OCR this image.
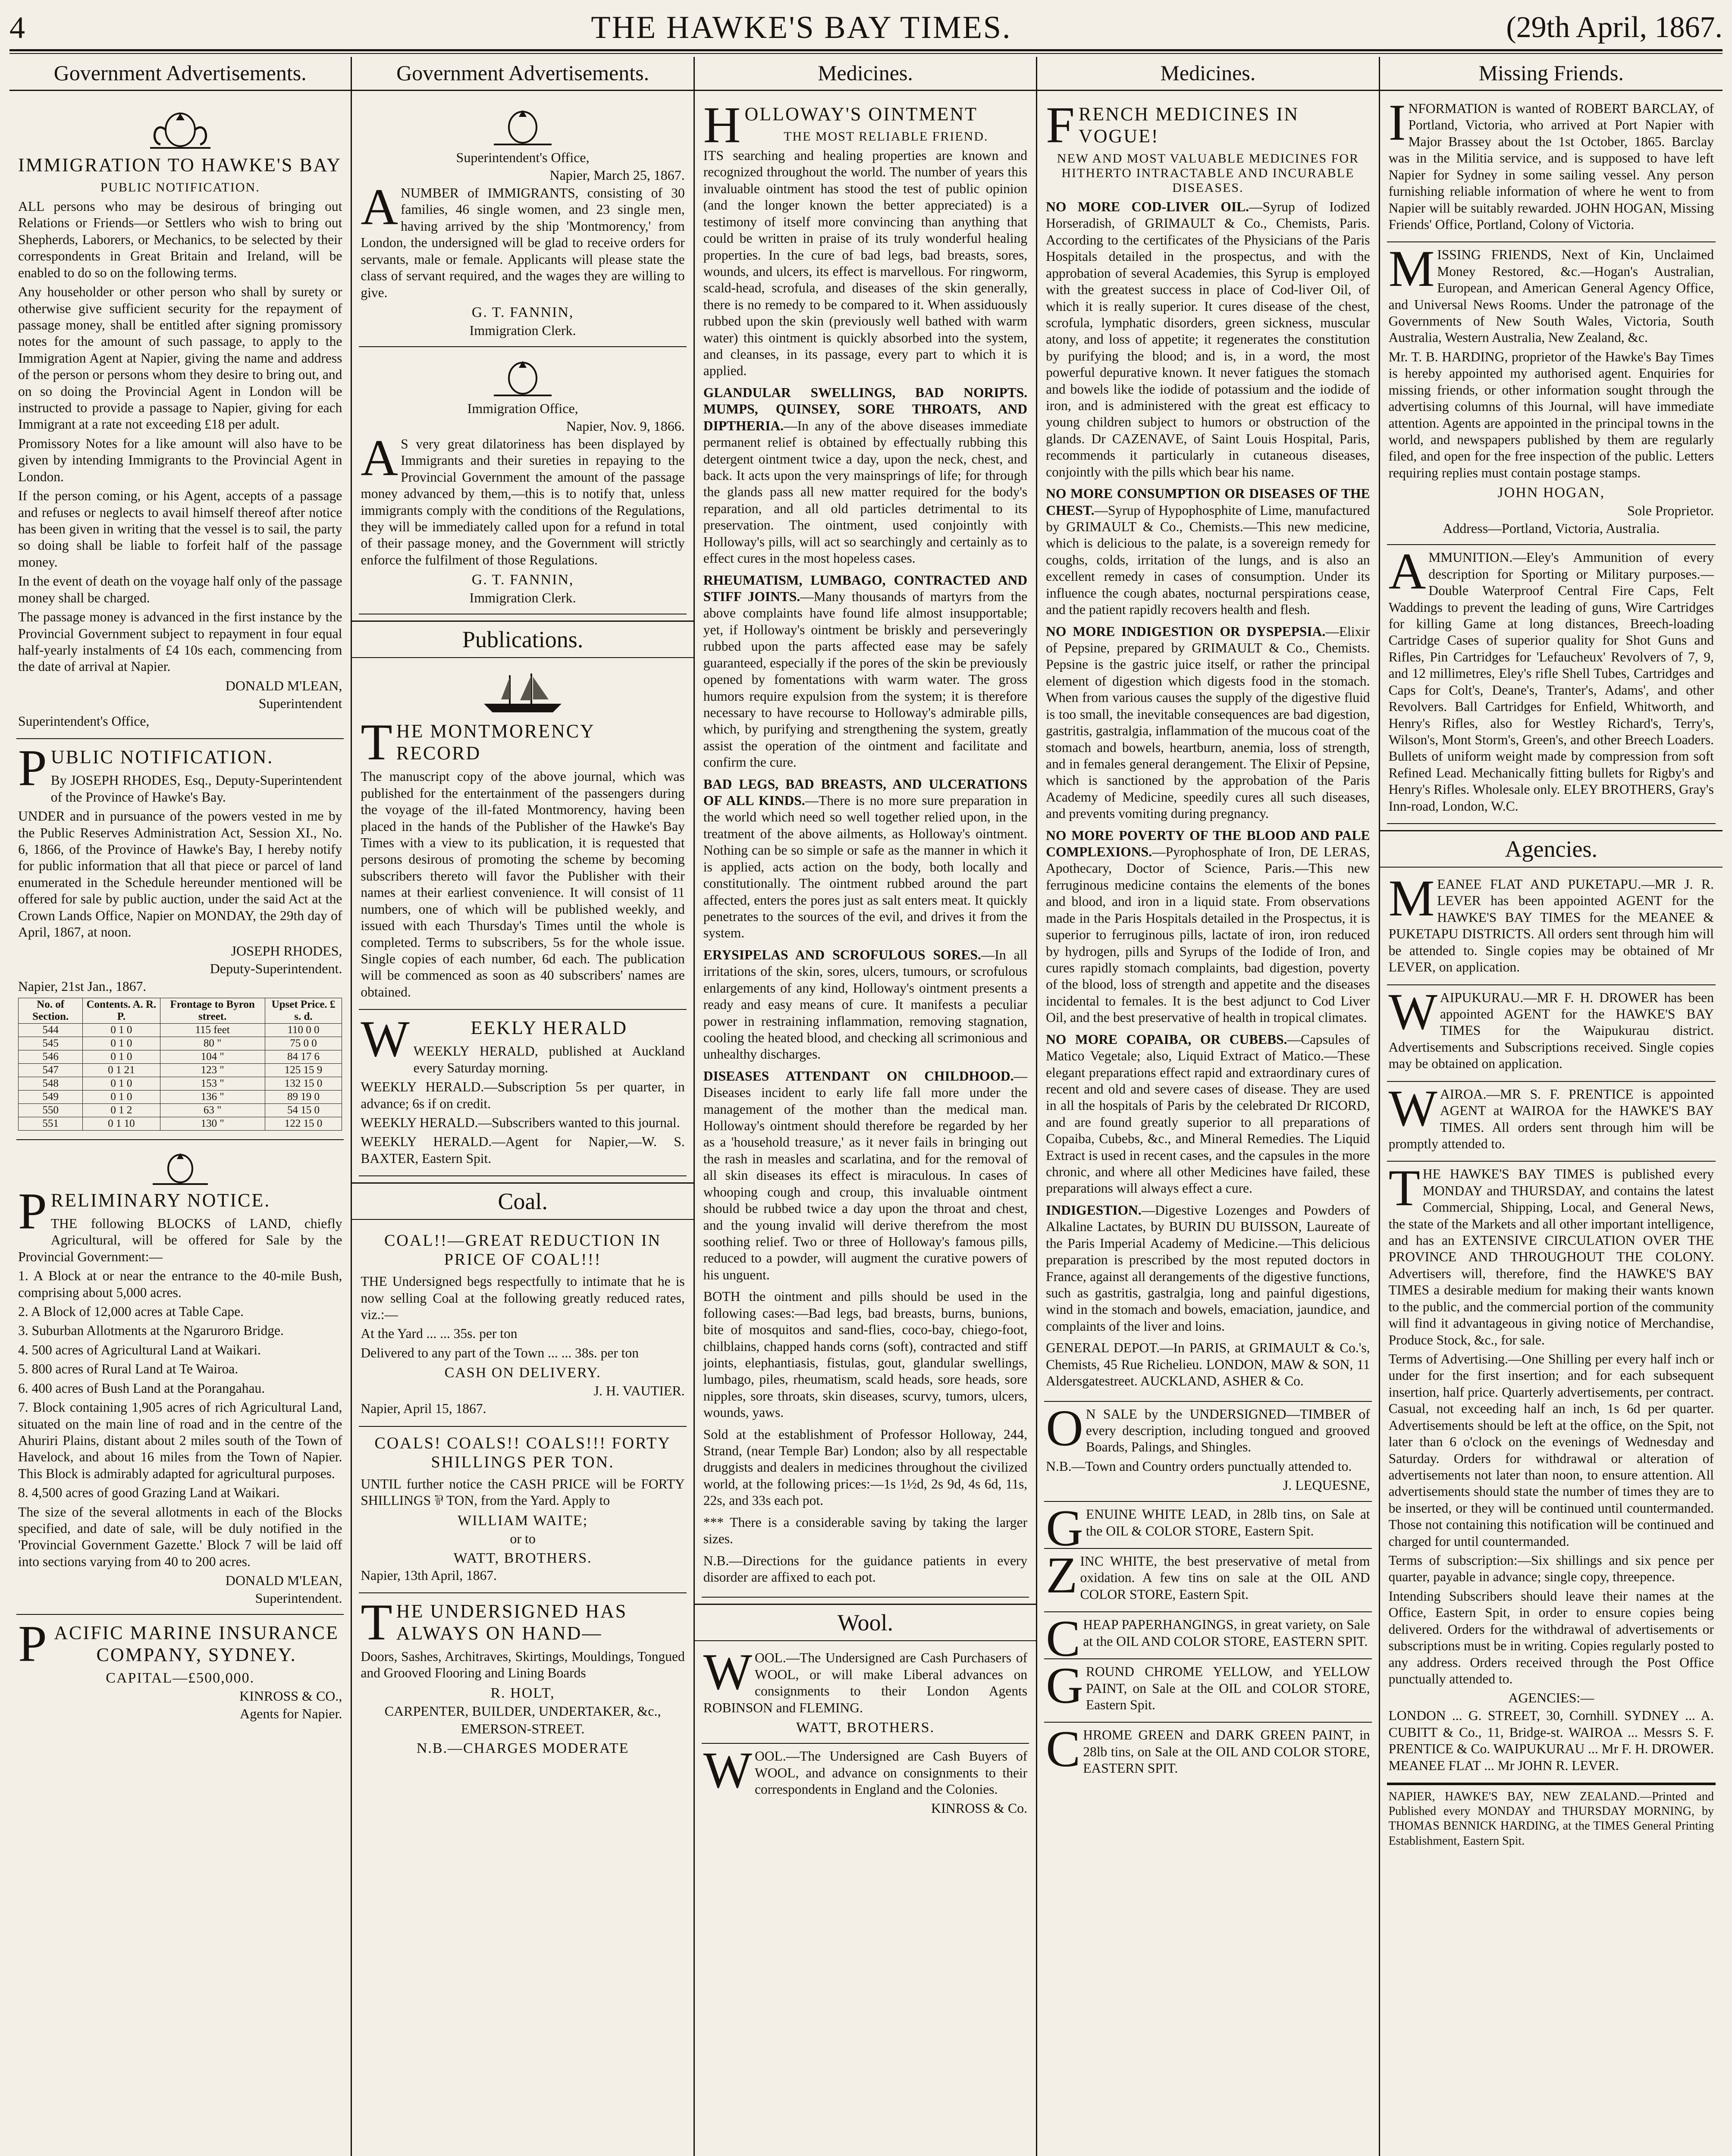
4	THE HAWKE'S BAY TIMES.	(29th April, 1867.
Government Advertisements.
IMMIGRATION TO HAWKE'S BAY
PUBLIC NOTIFICATION.

ALL persons who may be desirous of bringing out Relations or Friends—or Settlers who wish to bring out Shepherds, Laborers, or Mechanics, to be selected by their correspondents in Great Britain and Ireland, will be enabled to do so on the following terms.

Any householder or other person who shall by surety or otherwise give sufficient security for the repayment of passage money, shall be entitled after signing promissory notes for the amount of such passage, to apply to the Immigration Agent at Napier, giving the name and address of the person or persons whom they desire to bring out, and on so doing the Provincial Agent in London will be instructed to provide a passage to Napier, giving for each Immigrant at a rate not exceeding £18 per adult.

Promissory Notes for a like amount will also have to be given by intending Immigrants to the Provincial Agent in London.

If the person coming, or his Agent, accepts of a passage and refuses or neglects to avail himself thereof after notice has been given in writing that the vessel is to sail, the party so doing shall be liable to forfeit half of the passage money.

In the event of death on the voyage half only of the passage money shall be charged.

The passage money is advanced in the first instance by the Provincial Government subject to repayment in four equal half-yearly instalments of £4 10s each, commencing from the date of arrival at Napier.

DONALD M'LEAN,
Superintendent
Superintendent's Office,
PUBLIC NOTIFICATION.

By JOSEPH RHODES, Esq., Deputy-Superintendent of the Province of Hawke's Bay.

UNDER and in pursuance of the powers vested in me by the Public Reserves Administration Act, Session XI., No. 6, 1866, of the Province of Hawke's Bay, I hereby notify for public information that all that piece or parcel of land enumerated in the Schedule hereunder mentioned will be offered for sale by public auction, under the said Act at the Crown Lands Office, Napier on MONDAY, the 29th day of April, 1867, at noon.

JOSEPH RHODES,
Deputy-Superintendent.
Napier, 21st Jan., 1867.
No. of Section.	Contents. A. R. P.	Frontage to Byron street.	Upset Price. £ s. d.
544	0 1 0	115 feet	110 0 0
545	0 1 0	80 "	75 0 0
546	0 1 0	104 "	84 17 6
547	0 1 21	123 "	125 15 9
548	0 1 0	153 "	132 15 0
549	0 1 0	136 "	89 19 0
550	0 1 2	63 "	54 15 0
551	0 1 10	130 "	122 15 0
PRELIMINARY NOTICE.

THE following BLOCKS of LAND, chiefly Agricultural, will be offered for Sale by the Provincial Government:—

1. A Block at or near the entrance to the 40-mile Bush, comprising about 5,000 acres.

2. A Block of 12,000 acres at Table Cape.

3. Suburban Allotments at the Ngaruroro Bridge.

4. 500 acres of Agricultural Land at Waikari.

5. 800 acres of Rural Land at Te Wairoa.

6. 400 acres of Bush Land at the Porangahau.

7. Block containing 1,905 acres of rich Agricultural Land, situated on the main line of road and in the centre of the Ahuriri Plains, distant about 2 miles south of the Town of Havelock, and about 16 miles from the Town of Napier. This Block is admirably adapted for agricultural purposes.

8. 4,500 acres of good Grazing Land at Waikari.

The size of the several allotments in each of the Blocks specified, and date of sale, will be duly notified in the 'Provincial Government Gazette.' Block 7 will be laid off into sections varying from 40 to 200 acres.

DONALD M'LEAN,
Superintendent.
PACIFIC MARINE INSURANCE COMPANY, SYDNEY.
CAPITAL—£500,000.
KINROSS & CO.,
Agents for Napier.
Government Advertisements.
Superintendent's Office,
Napier, March 25, 1867.

ANUMBER of IMMIGRANTS, consisting of 30 families, 46 single women, and 23 single men, having arrived by the ship 'Montmorency,' from London, the undersigned will be glad to receive orders for servants, male or female. Applicants will please state the class of servant required, and the wages they are willing to give.

G. T. FANNIN,
Immigration Clerk.
Immigration Office,
Napier, Nov. 9, 1866.

AS very great dilatoriness has been displayed by Immigrants and their sureties in repaying to the Provincial Government the amount of the passage money advanced by them,—this is to notify that, unless immigrants comply with the conditions of the Regulations, they will be immediately called upon for a refund in total of their passage money, and the Government will strictly enforce the fulfilment of those Regulations.

G. T. FANNIN,
Immigration Clerk.
Publications.
THE MONTMORENCY RECORD

The manuscript copy of the above journal, which was published for the entertainment of the passengers during the voyage of the ill-fated Montmorency, having been placed in the hands of the Publisher of the Hawke's Bay Times with a view to its publication, it is requested that persons desirous of promoting the scheme by becoming subscribers thereto will favor the Publisher with their names at their earliest convenience. It will consist of 11 numbers, one of which will be published weekly, and issued with each Thursday's Times until the whole is completed. Terms to subscribers, 5s for the whole issue. Single copies of each number, 6d each. The publication will be commenced as soon as 40 subscribers' names are obtained.

WEEKLY HERALD

WEEKLY HERALD, published at Auckland every Saturday morning.

WEEKLY HERALD.—Subscription 5s per quarter, in advance; 6s if on credit.

WEEKLY HERALD.—Subscribers wanted to this journal.

WEEKLY HERALD.—Agent for Napier,—W. S. BAXTER, Eastern Spit.

Coal.
COAL!!—GREAT REDUCTION IN PRICE OF COAL!!!

THE Undersigned begs respectfully to intimate that he is now selling Coal at the following greatly reduced rates, viz.:—

At the Yard ... ... 35s. per ton
Delivered to any part of the Town ... ... 38s. per ton
CASH ON DELIVERY.
J. H. VAUTIER.
Napier, April 15, 1867.
COALS! COALS!! COALS!!! FORTY SHILLINGS PER TON.

UNTIL further notice the CASH PRICE will be FORTY SHILLINGS ⅌ TON, from the Yard. Apply to

WILLIAM WAITE;
or to
WATT, BROTHERS.
Napier, 13th April, 1867.
THE UNDERSIGNED HAS ALWAYS ON HAND—

Doors, Sashes, Architraves, Skirtings, Mouldings, Tongued and Grooved Flooring and Lining Boards

R. HOLT,
CARPENTER, BUILDER, UNDERTAKER, &c.,
EMERSON-STREET.
N.B.—CHARGES MODERATE
Medicines.
HOLLOWAY'S OINTMENT
THE MOST RELIABLE FRIEND.

ITS searching and healing properties are known and recognized throughout the world. The number of years this invaluable ointment has stood the test of public opinion (and the longer known the better appreciated) is a testimony of itself more convincing than anything that could be written in praise of its truly wonderful healing properties. In the cure of bad legs, bad breasts, sores, wounds, and ulcers, its effect is marvellous. For ringworm, scald-head, scrofula, and diseases of the skin generally, there is no remedy to be compared to it. When assiduously rubbed upon the skin (previously well bathed with warm water) this ointment is quickly absorbed into the system, and cleanses, in its passage, every part to which it is applied.

GLANDULAR SWELLINGS, BAD NORIPTS. MUMPS, QUINSEY, SORE THROATS, AND DIPTHERIA.—In any of the above diseases immediate permanent relief is obtained by effectually rubbing this detergent ointment twice a day, upon the neck, chest, and back. It acts upon the very mainsprings of life; for through the glands pass all new matter required for the body's reparation, and all old particles detrimental to its preservation. The ointment, used conjointly with Holloway's pills, will act so searchingly and certainly as to effect cures in the most hopeless cases.

RHEUMATISM, LUMBAGO, CONTRACTED AND STIFF JOINTS.—Many thousands of martyrs from the above complaints have found life almost insupportable; yet, if Holloway's ointment be briskly and perseveringly rubbed upon the parts affected ease may be safely guaranteed, especially if the pores of the skin be previously opened by fomentations with warm water. The gross humors require expulsion from the system; it is therefore necessary to have recourse to Holloway's admirable pills, which, by purifying and strengthening the system, greatly assist the operation of the ointment and facilitate and confirm the cure.

BAD LEGS, BAD BREASTS, AND ULCERATIONS OF ALL KINDS.—There is no more sure preparation in the world which need so well together relied upon, in the treatment of the above ailments, as Holloway's ointment. Nothing can be so simple or safe as the manner in which it is applied, acts action on the body, both locally and constitutionally. The ointment rubbed around the part affected, enters the pores just as salt enters meat. It quickly penetrates to the sources of the evil, and drives it from the system.

ERYSIPELAS AND SCROFULOUS SORES.—In all irritations of the skin, sores, ulcers, tumours, or scrofulous enlargements of any kind, Holloway's ointment presents a ready and easy means of cure. It manifests a peculiar power in restraining inflammation, removing stagnation, cooling the heated blood, and checking all scrimonious and unhealthy discharges.

DISEASES ATTENDANT ON CHILDHOOD.—Diseases incident to early life fall more under the management of the mother than the medical man. Holloway's ointment should therefore be regarded by her as a 'household treasure,' as it never fails in bringing out the rash in measles and scarlatina, and for the removal of all skin diseases its effect is miraculous. In cases of whooping cough and croup, this invaluable ointment should be rubbed twice a day upon the throat and chest, and the young invalid will derive therefrom the most soothing relief. Two or three of Holloway's famous pills, reduced to a powder, will augment the curative powers of his unguent.

BOTH the ointment and pills should be used in the following cases:—Bad legs, bad breasts, burns, bunions, bite of mosquitos and sand-flies, coco-bay, chiego-foot, chilblains, chapped hands corns (soft), contracted and stiff joints, elephantiasis, fistulas, gout, glandular swellings, lumbago, piles, rheumatism, scald heads, sore heads, sore nipples, sore throats, skin diseases, scurvy, tumors, ulcers, wounds, yaws.

Sold at the establishment of Professor Holloway, 244, Strand, (near Temple Bar) London; also by all respectable druggists and dealers in medicines throughout the civilized world, at the following prices:—1s 1½d, 2s 9d, 4s 6d, 11s, 22s, and 33s each pot.

*** There is a considerable saving by taking the larger sizes.

N.B.—Directions for the guidance patients in every disorder are affixed to each pot.

Wool.

WOOL.—The Undersigned are Cash Purchasers of WOOL, or will make Liberal advances on consignments to their London Agents ROBINSON and FLEMING.

WATT, BROTHERS.

WOOL.—The Undersigned are Cash Buyers of WOOL, and advance on consignments to their correspondents in England and the Colonies.

KINROSS & Co.
Medicines.
FRENCH MEDICINES IN VOGUE!
NEW AND MOST VALUABLE MEDICINES FOR HITHERTO INTRACTABLE AND INCURABLE DISEASES.

NO MORE COD-LIVER OIL.—Syrup of Iodized Horseradish, of GRIMAULT & Co., Chemists, Paris. According to the certificates of the Physicians of the Paris Hospitals detailed in the prospectus, and with the approbation of several Academies, this Syrup is employed with the greatest success in place of Cod-liver Oil, of which it is really superior. It cures disease of the chest, scrofula, lymphatic disorders, green sickness, muscular atony, and loss of appetite; it regenerates the constitution by purifying the blood; and is, in a word, the most powerful depurative known. It never fatigues the stomach and bowels like the iodide of potassium and the iodide of iron, and is administered with the great est efficacy to young children subject to humors or obstruction of the glands. Dr CAZENAVE, of Saint Louis Hospital, Paris, recommends it particularly in cutaneous diseases, conjointly with the pills which bear his name.

NO MORE CONSUMPTION OR DISEASES OF THE CHEST.—Syrup of Hypophosphite of Lime, manufactured by GRIMAULT & Co., Chemists.—This new medicine, which is delicious to the palate, is a sovereign remedy for coughs, colds, irritation of the lungs, and is also an excellent remedy in cases of consumption. Under its influence the cough abates, nocturnal perspirations cease, and the patient rapidly recovers health and flesh.

NO MORE INDIGESTION OR DYSPEPSIA.—Elixir of Pepsine, prepared by GRIMAULT & Co., Chemists. Pepsine is the gastric juice itself, or rather the principal element of digestion which digests food in the stomach. When from various causes the supply of the digestive fluid is too small, the inevitable consequences are bad digestion, gastritis, gastralgia, inflammation of the mucous coat of the stomach and bowels, heartburn, anemia, loss of strength, and in females general derangement. The Elixir of Pepsine, which is sanctioned by the approbation of the Paris Academy of Medicine, speedily cures all such diseases, and prevents vomiting during pregnancy.

NO MORE POVERTY OF THE BLOOD AND PALE COMPLEXIONS.—Pyrophosphate of Iron, DE LERAS, Apothecary, Doctor of Science, Paris.—This new ferruginous medicine contains the elements of the bones and blood, and iron in a liquid state. From observations made in the Paris Hospitals detailed in the Prospectus, it is superior to ferruginous pills, lactate of iron, iron reduced by hydrogen, pills and Syrups of the Iodide of Iron, and cures rapidly stomach complaints, bad digestion, poverty of the blood, loss of strength and appetite and the diseases incidental to females. It is the best adjunct to Cod Liver Oil, and the best preservative of health in tropical climates.

NO MORE COPAIBA, OR CUBEBS.—Capsules of Matico Vegetale; also, Liquid Extract of Matico.—These elegant preparations effect rapid and extraordinary cures of recent and old and severe cases of disease. They are used in all the hospitals of Paris by the celebrated Dr RICORD, and are found greatly superior to all preparations of Copaiba, Cubebs, &c., and Mineral Remedies. The Liquid Extract is used in recent cases, and the capsules in the more chronic, and where all other Medicines have failed, these preparations will always effect a cure.

INDIGESTION.—Digestive Lozenges and Powders of Alkaline Lactates, by BURIN DU BUISSON, Laureate of the Paris Imperial Academy of Medicine.—This delicious preparation is prescribed by the most reputed doctors in France, against all derangements of the digestive functions, such as gastritis, gastralgia, long and painful digestions, wind in the stomach and bowels, emaciation, jaundice, and complaints of the liver and loins.

GENERAL DEPOT.—In PARIS, at GRIMAULT & Co.'s, Chemists, 45 Rue Richelieu. LONDON, MAW & SON, 11 Aldersgatestreet. AUCKLAND, ASHER & Co.

ON SALE by the UNDERSIGNED—TIMBER of every description, including tongued and grooved Boards, Palings, and Shingles.

N.B.—Town and Country orders punctually attended to.

J. LEQUESNE,

GENUINE WHITE LEAD, in 28lb tins, on Sale at the OIL & COLOR STORE, Eastern Spit.

ZINC WHITE, the best preservative of metal from oxidation. A few tins on sale at the OIL AND COLOR STORE, Eastern Spit.

CHEAP PAPERHANGINGS, in great variety, on Sale at the OIL AND COLOR STORE, EASTERN SPIT.

GROUND CHROME YELLOW, and YELLOW PAINT, on Sale at the OIL and COLOR STORE, Eastern Spit.

CHROME GREEN and DARK GREEN PAINT, in 28lb tins, on Sale at the OIL AND COLOR STORE, EASTERN SPIT.

Missing Friends.

INFORMATION is wanted of ROBERT BARCLAY, of Portland, Victoria, who arrived at Port Napier with Major Brassey about the 1st October, 1865. Barclay was in the Militia service, and is supposed to have left Napier for Sydney in some sailing vessel. Any person furnishing reliable information of where he went to from Napier will be suitably rewarded. JOHN HOGAN, Missing Friends' Office, Portland, Colony of Victoria.

MISSING FRIENDS, Next of Kin, Unclaimed Money Restored, &c.—Hogan's Australian, European, and American General Agency Office, and Universal News Rooms. Under the patronage of the Governments of New South Wales, Victoria, South Australia, Western Australia, New Zealand, &c.

Mr. T. B. HARDING, proprietor of the Hawke's Bay Times is hereby appointed my authorised agent. Enquiries for missing friends, or other information sought through the advertising columns of this Journal, will have immediate attention. Agents are appointed in the principal towns in the world, and newspapers published by them are regularly filed, and open for the free inspection of the public. Letters requiring replies must contain postage stamps.

JOHN HOGAN,
Sole Proprietor.
Address—Portland, Victoria, Australia.

AMMUNITION.—Eley's Ammunition of every description for Sporting or Military purposes.—Double Waterproof Central Fire Caps, Felt Waddings to prevent the leading of guns, Wire Cartridges for killing Game at long distances, Breech-loading Cartridge Cases of superior quality for Shot Guns and Rifles, Pin Cartridges for 'Lefaucheux' Revolvers of 7, 9, and 12 millimetres, Eley's rifle Shell Tubes, Cartridges and Caps for Colt's, Deane's, Tranter's, Adams', and other Revolvers. Ball Cartridges for Enfield, Whitworth, and Henry's Rifles, also for Westley Richard's, Terry's, Wilson's, Mont Storm's, Green's, and other Breech Loaders. Bullets of uniform weight made by compression from soft Refined Lead. Mechanically fitting bullets for Rigby's and Henry's Rifles. Wholesale only. ELEY BROTHERS, Gray's Inn-road, London, W.C.

Agencies.

MEANEE FLAT AND PUKETAPU.—MR J. R. LEVER has been appointed AGENT for the HAWKE'S BAY TIMES for the MEANEE & PUKETAPU DISTRICTS. All orders sent through him will be attended to. Single copies may be obtained of Mr LEVER, on application.

WAIPUKURAU.—MR F. H. DROWER has been appointed AGENT for the HAWKE'S BAY TIMES for the Waipukurau district. Advertisements and Subscriptions received. Single copies may be obtained on application.

WAIROA.—MR S. F. PRENTICE is appointed AGENT at WAIROA for the HAWKE'S BAY TIMES. All orders sent through him will be promptly attended to.

THE HAWKE'S BAY TIMES is published every MONDAY and THURSDAY, and contains the latest Commercial, Shipping, Local, and General News, the state of the Markets and all other important intelligence, and has an EXTENSIVE CIRCULATION OVER THE PROVINCE AND THROUGHOUT THE COLONY. Advertisers will, therefore, find the HAWKE'S BAY TIMES a desirable medium for making their wants known to the public, and the commercial portion of the community will find it advantageous in giving notice of Merchandise, Produce Stock, &c., for sale.

Terms of Advertising.—One Shilling per every half inch or under for the first insertion; and for each subsequent insertion, half price. Quarterly advertisements, per contract. Casual, not exceeding half an inch, 1s 6d per quarter. Advertisements should be left at the office, on the Spit, not later than 6 o'clock on the evenings of Wednesday and Saturday. Orders for withdrawal or alteration of advertisements not later than noon, to ensure attention. All advertisements should state the number of times they are to be inserted, or they will be continued until countermanded. Those not containing this notification will be continued and charged for until countermanded.

Terms of subscription:—Six shillings and six pence per quarter, payable in advance; single copy, threepence.

Intending Subscribers should leave their names at the Office, Eastern Spit, in order to ensure copies being delivered. Orders for the withdrawal of advertisements or subscriptions must be in writing. Copies regularly posted to any address. Orders received through the Post Office punctually attended to.

AGENCIES:—

LONDON ... G. STREET, 30, Cornhill. SYDNEY ... A. CUBITT & Co., 11, Bridge-st. WAIROA ... Messrs S. F. PRENTICE & Co. WAIPUKURAU ... Mr F. H. DROWER. MEANEE FLAT ... Mr JOHN R. LEVER.

NAPIER, HAWKE'S BAY, NEW ZEALAND.—Printed and Published every MONDAY and THURSDAY MORNING, by THOMAS BENNICK HARDING, at the TIMES General Printing Establishment, Eastern Spit.
